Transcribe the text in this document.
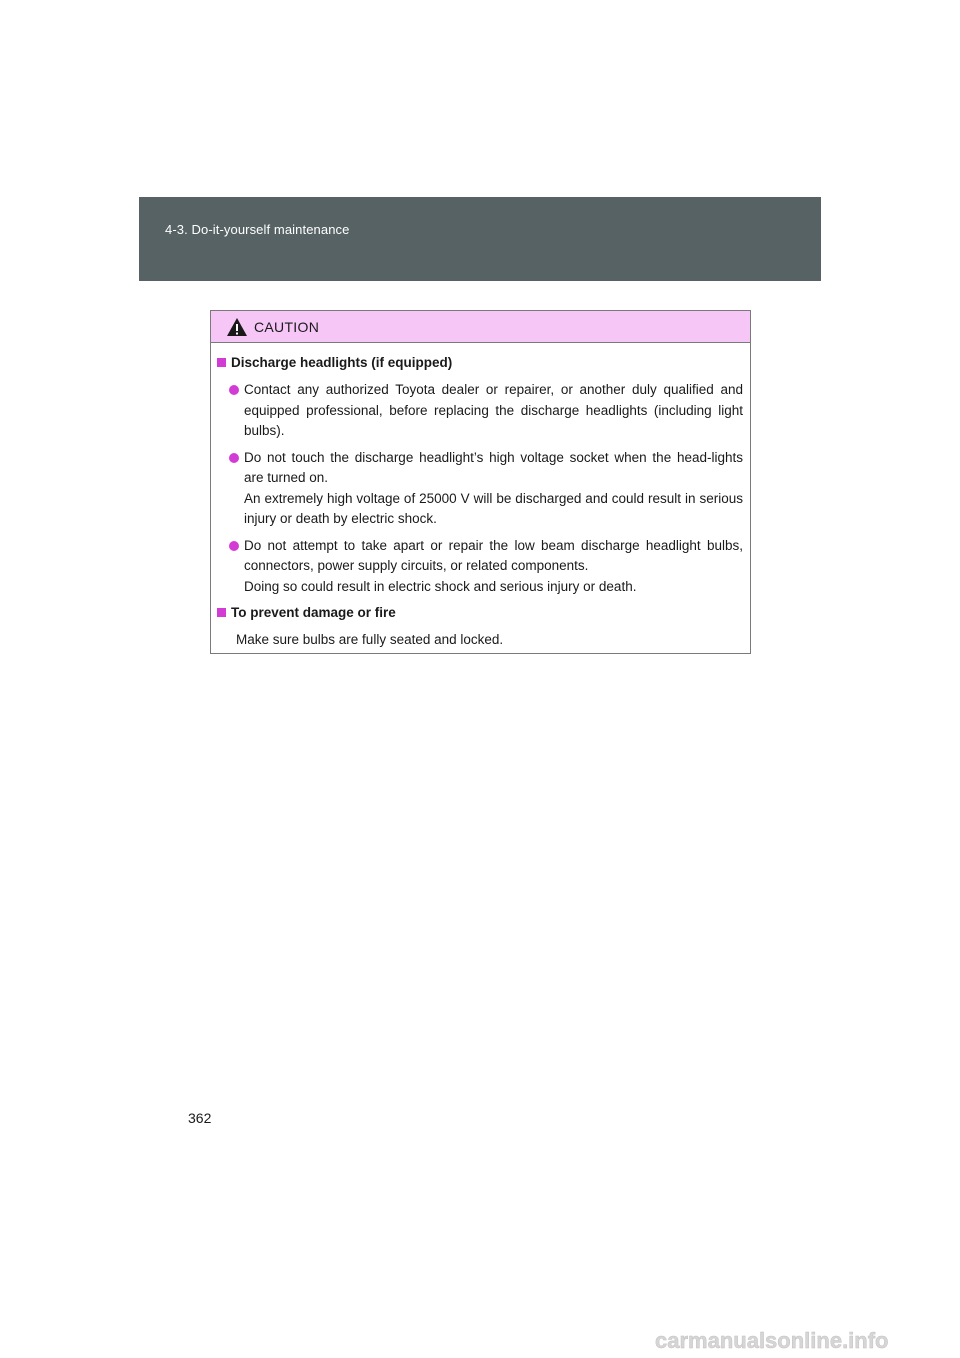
4-3. Do-it-yourself maintenance
CAUTION
Discharge headlights (if equipped)

Contact any authorized Toyota dealer or repairer, or another duly qualified and equipped professional, before replacing the discharge headlights (including light bulbs).

Do not touch the discharge headlight’s high voltage socket when the head-lights are turned on.

An extremely high voltage of 25000 V will be discharged and could result in serious injury or death by electric shock.

Do not attempt to take apart or repair the low beam discharge headlight bulbs, connectors, power supply circuits, or related components.

Doing so could result in electric shock and serious injury or death.

To prevent damage or fire

Make sure bulbs are fully seated and locked.

362
carmanualsonline.info
